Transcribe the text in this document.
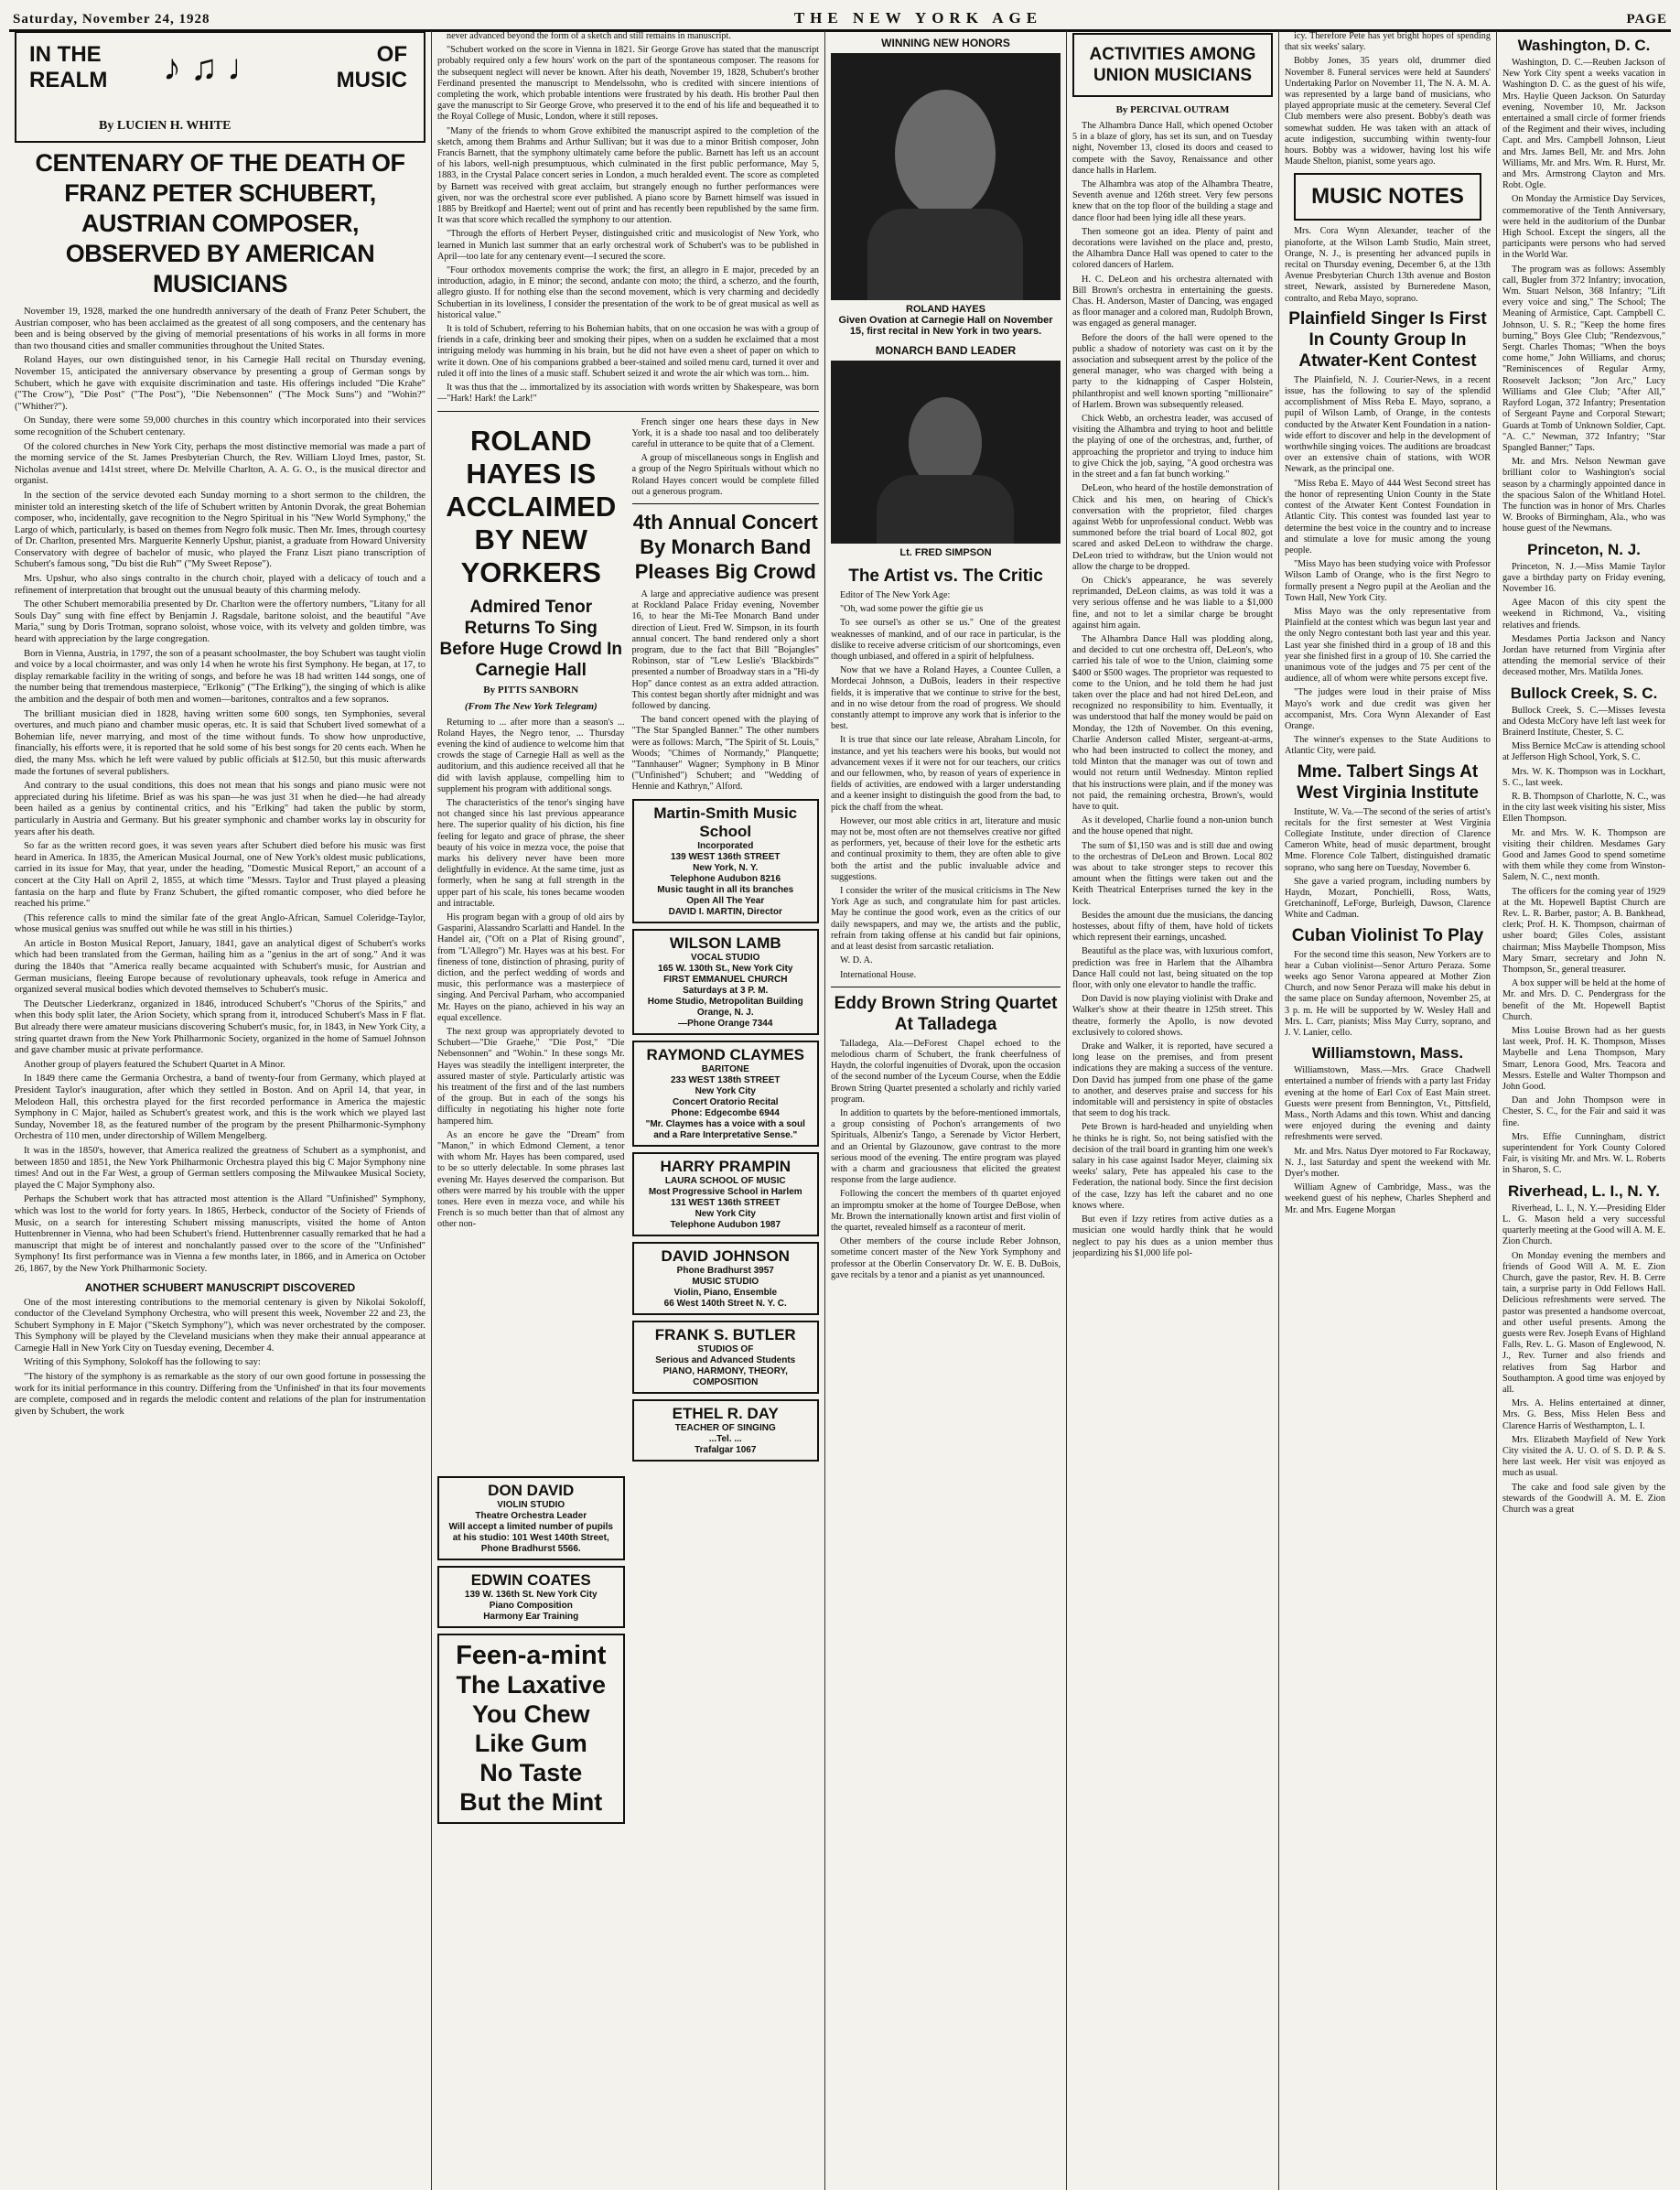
Saturday, November 24, 1928	THE NEW YORK AGE	PAGE
IN THE
REALM ♪ ♫ ♩	OF
MUSIC
By LUCIEN H. WHITE
CENTENARY OF THE DEATH OF FRANZ PETER SCHUBERT, AUSTRIAN COMPOSER, OBSERVED BY AMERICAN MUSICIANS

November 19, 1928, marked the one hundredth anniversary of the death of Franz Peter Schubert, the Austrian composer, who has been acclaimed as the greatest of all song composers, and the centenary has been and is being observed by the giving of memorial presentations of his works in all forms in more than two thousand cities and smaller communities throughout the United States.

Roland Hayes, our own distinguished tenor, in his Carnegie Hall recital on Thursday evening, November 15, anticipated the anniversary observance by presenting a group of German songs by Schubert, which he gave with exquisite discrimination and taste. His offerings included "Die Krahe" ("The Crow"), "Die Post" ("The Post"), "Die Nebensonnen" ("The Mock Suns") and "Wohin?" ("Whither?").

On Sunday, there were some 59,000 churches in this country which incorporated into their services some recognition of the Schubert centenary.

Of the colored churches in New York City, perhaps the most distinctive memorial was made a part of the morning service of the St. James Presbyterian Church, the Rev. William Lloyd Imes, pastor, St. Nicholas avenue and 141st street, where Dr. Melville Charlton, A. A. G. O., is the musical director and organist.

In the section of the service devoted each Sunday morning to a short sermon to the children, the minister told an interesting sketch of the life of Schubert written by Antonin Dvorak, the great Bohemian composer, who, incidentally, gave recognition to the Negro Spiritual in his "New World Symphony," the Largo of which, particularly, is based on themes from Negro folk music. Then Mr. Imes, through courtesy of Dr. Charlton, presented Mrs. Marguerite Kennerly Upshur, pianist, a graduate from Howard University Conservatory with degree of bachelor of music, who played the Franz Liszt piano transcription of Schubert's famous song, "Du bist die Ruh'" ("My Sweet Repose").

Mrs. Upshur, who also sings contralto in the church choir, played with a delicacy of touch and a refinement of interpretation that brought out the unusual beauty of this charming melody.

The other Schubert memorabilia presented by Dr. Charlton were the offertory numbers, "Litany for all Souls Day" sung with fine effect by Benjamin J. Ragsdale, baritone soloist, and the beautiful "Ave Maria," sung by Doris Trotman, soprano soloist, whose voice, with its velvety and golden timbre, was heard with appreciation by the large congregation.

Born in Vienna, Austria, in 1797, the son of a peasant schoolmaster, the boy Schubert was taught violin and voice by a local choirmaster, and was only 14 when he wrote his first Symphony. He began, at 17, to display remarkable facility in the writing of songs, and before he was 18 had written 144 songs, one of the number being that tremendous masterpiece, "Erlkonig" ("The Erlking"), the singing of which is alike the ambition and the despair of both men and women—baritones, contraltos and a few sopranos.

The brilliant musician died in 1828, having written some 600 songs, ten Symphonies, several overtures, and much piano and chamber music operas, etc. It is said that Schubert lived somewhat of a Bohemian life, never marrying, and most of the time without funds. To show how unproductive, financially, his efforts were, it is reported that he sold some of his best songs for 20 cents each. When he died, the many Mss. which he left were valued by public officials at $12.50, but this music afterwards made the fortunes of several publishers.

And contrary to the usual conditions, this does not mean that his songs and piano music were not appreciated during his lifetime. Brief as was his span—he was just 31 when he died—he had already been hailed as a genius by continental critics, and his "Erlking" had taken the public by storm, particularly in Austria and Germany. But his greater symphonic and chamber works lay in obscurity for years after his death.

So far as the written record goes, it was seven years after Schubert died before his music was first heard in America. In 1835, the American Musical Journal, one of New York's oldest music publications, carried in its issue for May, that year, under the heading, "Domestic Musical Report," an account of a concert at the City Hall on April 2, 1855, at which time "Messrs. Taylor and Trust played a pleasing fantasia on the harp and flute by Franz Schubert, the gifted romantic composer, who died before he reached his prime."

(This reference calls to mind the similar fate of the great Anglo-African, Samuel Coleridge-Taylor, whose musical genius was snuffed out while he was still in his thirties.)

An article in Boston Musical Report, January, 1841, gave an analytical digest of Schubert's works which had been translated from the German, hailing him as a "genius in the art of song." And it was during the 1840s that "America really became acquainted with Schubert's music, for Austrian and German musicians, fleeing Europe because of revolutionary upheavals, took refuge in America and organized several musical bodies which devoted themselves to Schubert's music.

The Deutscher Liederkranz, organized in 1846, introduced Schubert's "Chorus of the Spirits," and when this body split later, the Arion Society, which sprang from it, introduced Schubert's Mass in F flat. But already there were amateur musicians discovering Schubert's music, for, in 1843, in New York City, a string quartet drawn from the New York Philharmonic Society, organized in the home of Samuel Johnson and gave chamber music at private performance.

Another group of players featured the Schubert Quartet in A Minor.

In 1849 there came the Germania Orchestra, a band of twenty-four from Germany, which played at President Taylor's inauguration, after which they settled in Boston. And on April 14, that year, in Melodeon Hall, this orchestra played for the first recorded performance in America the majestic Symphony in C Major, hailed as Schubert's greatest work, and this is the work which we played last Sunday, November 18, as the featured number of the program by the present Philharmonic-Symphony Orchestra of 110 men, under directorship of Willem Mengelberg.

It was in the 1850's, however, that America realized the greatness of Schubert as a symphonist, and between 1850 and 1851, the New York Philharmonic Orchestra played this big C Major Symphony nine times! And out in the Far West, a group of German settlers composing the Milwaukee Musical Society, played the C Major Symphony also.

Perhaps the Schubert work that has attracted most attention is the Allard "Unfinished" Symphony, which was lost to the world for forty years. In 1865, Herbeck, conductor of the Society of Friends of Music, on a search for interesting Schubert missing manuscripts, visited the home of Anton Huttenbrenner in Vienna, who had been Schubert's friend. Huttenbrenner casually remarked that he had a manuscript that might be of interest and nonchalantly passed over to the score of the "Unfinished" Symphony! Its first performance was in Vienna a few months later, in 1866, and in America on October 26, 1867, by the New York Philharmonic Society.

ANOTHER SCHUBERT MANUSCRIPT DISCOVERED

One of the most interesting contributions to the memorial centenary is given by Nikolai Sokoloff, conductor of the Cleveland Symphony Orchestra, who will present this week, November 22 and 23, the Schubert Symphony in E Major ("Sketch Symphony"), which was never orchestrated by the composer. This Symphony will be played by the Cleveland musicians when they make their annual appearance at Carnegie Hall in New York City on Tuesday evening, December 4.

Writing of this Symphony, Solokoff has the following to say:

"The history of the symphony is as remarkable as the story of our own good fortune in possessing the work for its initial performance in this country. Differing from the 'Unfinished' in that its four movements are complete, composed and in regards the melodic content and relations of the plan for instrumentation given by Schubert, the work

never advanced beyond the form of a sketch and still remains in manuscript.

"Schubert worked on the score in Vienna in 1821. Sir George Grove has stated that the manuscript probably required only a few hours' work on the part of the spontaneous composer. The reasons for the subsequent neglect will never be known. After his death, November 19, 1828, Schubert's brother Ferdinand presented the manuscript to Mendelssohn, who is credited with sincere intentions of completing the work, which probable intentions were frustrated by his death. His brother Paul then gave the manuscript to Sir George Grove, who preserved it to the end of his life and bequeathed it to the Royal College of Music, London, where it still reposes.

"Many of the friends to whom Grove exhibited the manuscript aspired to the completion of the sketch, among them Brahms and Arthur Sullivan; but it was due to a minor British composer, John Francis Barnett, that the symphony ultimately came before the public. Barnett has left us an account of his labors, well-nigh presumptuous, which culminated in the first public performance, May 5, 1883, in the Crystal Palace concert series in London, a much heralded event. The score as completed by Barnett was received with great acclaim, but strangely enough no further performances were given, nor was the orchestral score ever published. A piano score by Barnett himself was issued in 1885 by Breitkopf and Haertel; went out of print and has recently been republished by the same firm. It was that score which recalled the symphony to our attention.

"Through the efforts of Herbert Peyser, distinguished critic and musicologist of New York, who learned in Munich last summer that an early orchestral work of Schubert's was to be published in April—too late for any centenary event—I secured the score.

"Four orthodox movements comprise the work; the first, an allegro in E major, preceded by an introduction, adagio, in E minor; the second, andante con moto; the third, a scherzo, and the fourth, allegro giusto. If for nothing else than the second movement, which is very charming and decidedly Schubertian in its loveliness, I consider the presentation of the work to be of great musical as well as historical value."

It is told of Schubert, referring to his Bohemian habits, that on one occasion he was with a group of friends in a cafe, drinking beer and smoking their pipes, when on a sudden he exclaimed that a most intriguing melody was humming in his brain, but he did not have even a sheet of paper on which to write it down. One of his companions grabbed a beer-stained and soiled menu card, turned it over and ruled it off into the lines of a music staff. Schubert seized it and wrote the air which was torn... him.

It was thus that the ... immortalized by its association with words written by Shakespeare, was born—"Hark! Hark! the Lark!"

ROLAND HAYES IS ACCLAIMED BY NEW YORKERS
Admired Tenor Returns To Sing Before Huge Crowd In Carnegie Hall
By PITTS SANBORN
(From The New York Telegram)

Returning to ... after more than a season's ... Roland Hayes, the Negro tenor, ... Thursday evening the kind of audience to welcome him that crowds the stage of Carnegie Hall as well as the auditorium, and this audience received all that he did with lavish applause, compelling him to supplement his program with additional songs.

The characteristics of the tenor's singing have not changed since his last previous appearance here. The superior quality of his diction, his fine feeling for legato and grace of phrase, the sheer beauty of his voice in mezza voce, the poise that marks his delivery never have been more delightfully in evidence. At the same time, just as formerly, when he sang at full strength in the upper part of his scale, his tones became wooden and intractable.

His program began with a group of old airs by Gasparini, Alassandro Scarlatti and Handel. In the Handel air, ("Oft on a Plat of Rising ground", from "L'Allegro") Mr. Hayes was at his best. For fineness of tone, distinction of phrasing, purity of diction, and the perfect wedding of words and music, this performance was a masterpiece of singing. And Percival Parham, who accompanied Mr. Hayes on the piano, achieved in his way an equal excellence.

The next group was appropriately devoted to Schubert—"Die Graehe," "Die Post," "Die Nebensonnen" and "Wohin." In these songs Mr. Hayes was steadily the intelligent interpreter, the assured master of style. Particularly artistic was his treatment of the first and of the last numbers of the group. But in each of the songs his difficulty in negotiating his higher note forte hampered him.

As an encore he gave the "Dream" from "Manon," in which Edmond Clement, a tenor with whom Mr. Hayes has been compared, used to be so utterly delectable. In some phrases last evening Mr. Hayes deserved the comparison. But others were marred by his trouble with the upper tones. Here even in mezza voce, and while his French is so much better than that of almost any other non-

French singer one hears these days in New York, it is a shade too nasal and too deliberately careful in utterance to be quite that of a Clement.

A group of miscellaneous songs in English and a group of the Negro Spirituals without which no Roland Hayes concert would be complete filled out a generous program.

4th Annual Concert By Monarch Band Pleases Big Crowd

A large and appreciative audience was present at Rockland Palace Friday evening, November 16, to hear the Mi-Tee Monarch Band under direction of Lieut. Fred W. Simpson, in its fourth annual concert. The band rendered only a short program, due to the fact that Bill "Bojangles" Robinson, star of "Lew Leslie's 'Blackbirds'" presented a number of Broadway stars in a "Hi-dy Hop" dance contest as an extra added attraction. This contest began shortly after midnight and was followed by dancing.

The band concert opened with the playing of "The Star Spangled Banner." The other numbers were as follows: March, "The Spirit of St. Louis," Woods; "Chimes of Normandy," Planquette; "Tannhauser" Wagner; Symphony in B Minor ("Unfinished") Schubert; and "Wedding of Hennie and Kathryn," Alford.

Martin-Smith Music School
Incorporated
139 WEST 136th STREET
New York, N. Y.
Telephone Audubon 8216
Music taught in all its branches
Open All The Year
DAVID I. MARTIN, Director
WILSON LAMB
VOCAL STUDIO
165 W. 130th St., New York City
FIRST EMMANUEL CHURCH
Saturdays at 3 P. M.
Home Studio, Metropolitan Building
Orange, N. J.
—Phone Orange 7344
RAYMOND CLAYMES
BARITONE
233 WEST 138th STREET
New York City
Concert Oratorio Recital
Phone: Edgecombe 6944
"Mr. Claymes has a voice with a soul and a Rare Interpretative Sense."
HARRY PRAMPIN
LAURA SCHOOL OF MUSIC
Most Progressive School in Harlem
131 WEST 136th STREET
New York City
Telephone Audubon 1987
DAVID JOHNSON
Phone Bradhurst 3957
MUSIC STUDIO
Violin, Piano, Ensemble
66 West 140th Street N. Y. C.
FRANK S. BUTLER
STUDIOS OF
Serious and Advanced Students
PIANO, HARMONY, THEORY, COMPOSITION
ETHEL R. DAY
TEACHER OF SINGING
...Tel. ...
Trafalgar 1067
DON DAVID
VIOLIN STUDIO
Theatre Orchestra Leader
Will accept a limited number of pupils at his studio: 101 West 140th Street, Phone Bradhurst 5566.
EDWIN COATES
139 W. 136th St. New York City
Piano Composition
Harmony Ear Training
Feen-a-mint
The Laxative
You Chew
Like Gum
No Taste
But the Mint
WINNING NEW HONORS
ROLAND HAYES
Given Ovation at Carnegie Hall on November 15, first recital in New York in two years.
MONARCH BAND LEADER
Lt. FRED SIMPSON
The Artist vs. The Critic

Editor of The New York Age:

"Oh, wad some power the giftie gie us

To see oursel's as other se us." One of the greatest weaknesses of mankind, and of our race in particular, is the dislike to receive adverse criticism of our shortcomings, even though unbiased, and offered in a spirit of helpfulness.

Now that we have a Roland Hayes, a Countee Cullen, a Mordecai Johnson, a DuBois, leaders in their respective fields, it is imperative that we continue to strive for the best, and in no wise detour from the road of progress. We should constantly attempt to improve any work that is inferior to the best.

It is true that since our late release, Abraham Lincoln, for instance, and yet his teachers were his books, but would not advancement vexes if it were not for our teachers, our critics and our fellowmen, who, by reason of years of experience in fields of activities, are endowed with a larger understanding and a keener insight to distinguish the good from the bad, to pick the chaff from the wheat.

However, our most able critics in art, literature and music may not be, most often are not themselves creative nor gifted as performers, yet, because of their love for the esthetic arts and continual proximity to them, they are often able to give both the artist and the public invaluable advice and suggestions.

I consider the writer of the musical criticisms in The New York Age as such, and congratulate him for past articles. May he continue the good work, even as the critics of our daily newspapers, and may we, the artists and the public, refrain from taking offense at his candid but fair opinions, and at least desist from sarcastic retaliation.

W. D. A.

International House.

Eddy Brown String Quartet At Talladega

Talladega, Ala.—DeForest Chapel echoed to the melodious charm of Schubert, the frank cheerfulness of Haydn, the colorful ingenuities of Dvorak, upon the occasion of the second number of the Lyceum Course, when the Eddie Brown String Quartet presented a scholarly and richly varied program.

In addition to quartets by the before-mentioned immortals, a group consisting of Pochon's arrangements of two Spirituals, Albeniz's Tango, a Serenade by Victor Herbert, and an Oriental by Glazounow, gave contrast to the more serious mood of the evening. The entire program was played with a charm and graciousness that elicited the greatest response from the large audience.

Following the concert the members of th quartet enjoyed an impromptu smoker at the home of Tourgee DeBose, when Mr. Brown the internationally known artist and first violin of the quartet, revealed himself as a raconteur of merit.

Other members of the course include Reber Johnson, sometime concert master of the New York Symphony and professor at the Oberlin Conservatory Dr. W. E. B. DuBois, gave recitals by a tenor and a pianist as yet unannounced.

ACTIVITIES AMONG UNION MUSICIANS
By PERCIVAL OUTRAM

The Alhambra Dance Hall, which opened October 5 in a blaze of glory, has set its sun, and on Tuesday night, November 13, closed its doors and ceased to compete with the Savoy, Renaissance and other dance halls in Harlem.

The Alhambra was atop of the Alhambra Theatre, Seventh avenue and 126th street. Very few persons knew that on the top floor of the building a stage and dance floor had been lying idle all these years.

Then someone got an idea. Plenty of paint and decorations were lavished on the place and, presto, the Alhambra Dance Hall was opened to cater to the colored dancers of Harlem.

H. C. DeLeon and his orchestra alternated with Bill Brown's orchestra in entertaining the guests. Chas. H. Anderson, Master of Dancing, was engaged as floor manager and a colored man, Rudolph Brown, was engaged as general manager.

Before the doors of the hall were opened to the public a shadow of notoriety was cast on it by the association and subsequent arrest by the police of the general manager, who was charged with being a party to the kidnapping of Casper Holstein, philanthropist and well known sporting "millionaire" of Harlem. Brown was subsequently released.

Chick Webb, an orchestra leader, was accused of visiting the Alhambra and trying to hoot and belittle the playing of one of the orchestras, and, further, of approaching the proprietor and trying to induce him to give Chick the job, saying, "A good orchestra was in the street and a fan fat bunch working."

DeLeon, who heard of the hostile demonstration of Chick and his men, on hearing of Chick's conversation with the proprietor, filed charges against Webb for unprofessional conduct. Webb was summoned before the trial board of Local 802, got scared and asked DeLeon to withdraw the charge. DeLeon tried to withdraw, but the Union would not allow the charge to be dropped.

On Chick's appearance, he was severely reprimanded, DeLeon claims, as was told it was a very serious offense and he was liable to a $1,000 fine, and not to let a similar charge be brought against him again.

The Alhambra Dance Hall was plodding along, and decided to cut one orchestra off, DeLeon's, who carried his tale of woe to the Union, claiming some $400 or $500 wages. The proprietor was requested to come to the Union, and he told them he had just taken over the place and had not hired DeLeon, and recognized no responsibility to him. Eventually, it was understood that half the money would be paid on Monday, the 12th of November. On this evening, Charlie Anderson called Mister, sergeant-at-arms, who had been instructed to collect the money, and told Minton that the manager was out of town and would not return until Wednesday. Minton replied that his instructions were plain, and if the money was not paid, the remaining orchestra, Brown's, would have to quit.

As it developed, Charlie found a non-union bunch and the house opened that night.

The sum of $1,150 was and is still due and owing to the orchestras of DeLeon and Brown. Local 802 was about to take stronger steps to recover this amount when the fittings were taken out and the Keith Theatrical Enterprises turned the key in the lock.

Besides the amount due the musicians, the dancing hostesses, about fifty of them, have hold of tickets which represent their earnings, uncashed.

Beautiful as the place was, with luxurious comfort, prediction was free in Harlem that the Alhambra Dance Hall could not last, being situated on the top floor, with only one elevator to handle the traffic.

Don David is now playing violinist with Drake and Walker's show at their theatre in 125th street. This theatre, formerly the Apollo, is now devoted exclusively to colored shows.

Drake and Walker, it is reported, have secured a long lease on the premises, and from present indications they are making a success of the venture. Don David has jumped from one phase of the game to another, and deserves praise and success for his indomitable will and persistency in spite of obstacles that seem to dog his track.

Pete Brown is hard-headed and unyielding when he thinks he is right. So, not being satisfied with the decision of the trail board in granting him one week's salary in his case against Isador Meyer, claiming six weeks' salary, Pete has appealed his case to the Federation, the national body. Since the first decision of the case, Izzy has left the cabaret and no one knows where.

But even if Izzy retires from active duties as a musician one would hardly think that he would neglect to pay his dues as a union member thus jeopardizing his $1,000 life pol-

icy. Therefore Pete has yet bright hopes of spending that six weeks' salary.

Bobby Jones, 35 years old, drummer died November 8. Funeral services were held at Saunders' Undertaking Parlor on November 11, The N. A. M. A. was represented by a large band of musicians, who played appropriate music at the cemetery. Several Clef Club members were also present. Bobby's death was somewhat sudden. He was taken with an attack of acute indigestion, succumbing within twenty-four hours. Bobby was a widower, having lost his wife Maude Shelton, pianist, some years ago.

MUSIC NOTES

Mrs. Cora Wynn Alexander, teacher of the pianoforte, at the Wilson Lamb Studio, Main street, Orange, N. J., is presenting her advanced pupils in recital on Thursday evening, December 6, at the 13th Avenue Presbyterian Church 13th avenue and Boston street, Newark, assisted by Burneredene Mason, contralto, and Reba Mayo, soprano.

Plainfield Singer Is First In County Group In Atwater-Kent Contest

The Plainfield, N. J. Courier-News, in a recent issue, has the following to say of the splendid accomplishment of Miss Reba E. Mayo, soprano, a pupil of Wilson Lamb, of Orange, in the contests conducted by the Atwater Kent Foundation in a nation-wide effort to discover and help in the development of worthwhile singing voices. The auditions are broadcast over an extensive chain of stations, with WOR Newark, as the principal one.

"Miss Reba E. Mayo of 444 West Second street has the honor of representing Union County in the State contest of the Atwater Kent Contest Foundation in Atlantic City. This contest was founded last year to determine the best voice in the country and to increase and stimulate a love for music among the young people.

"Miss Mayo has been studying voice with Professor Wilson Lamb of Orange, who is the first Negro to formally present a Negro pupil at the Aeolian and the Town Hall, New York City.

Miss Mayo was the only representative from Plainfield at the contest which was begun last year and the only Negro contestant both last year and this year. Last year she finished third in a group of 18 and this year she finished first in a group of 10. She carried the unanimous vote of the judges and 75 per cent of the audience, all of whom were white persons except five.

"The judges were loud in their praise of Miss Mayo's work and due credit was given her accompanist, Mrs. Cora Wynn Alexander of East Orange.

The winner's expenses to the State Auditions to Atlantic City, were paid.

Mme. Talbert Sings At West Virginia Institute

Institute, W. Va.—The second of the series of artist's recitals for the first semester at West Virginia Collegiate Institute, under direction of Clarence Cameron White, head of music department, brought Mme. Florence Cole Talbert, distinguished dramatic soprano, who sang here on Tuesday, November 6.

She gave a varied program, including numbers by Haydn, Mozart, Ponchielli, Ross, Watts, Gretchaninoff, LeForge, Burleigh, Dawson, Clarence White and Cadman.

Cuban Violinist To Play

For the second time this season, New Yorkers are to hear a Cuban violinist—Senor Arturo Peraza. Some weeks ago Senor Varona appeared at Mother Zion Church, and now Senor Peraza will make his debut in the same place on Sunday afternoon, November 25, at 3 p. m. He will be supported by W. Wesley Hall and Mrs. L. Carr, pianists; Miss May Curry, soprano, and J. V. Lanier, cello.

Williamstown, Mass.

Williamstown, Mass.—Mrs. Grace Chadwell entertained a number of friends with a party last Friday evening at the home of Earl Cox of East Main street. Guests were present from Bennington, Vt., Pittsfield, Mass., North Adams and this town. Whist and dancing were enjoyed during the evening and dainty refreshments were served.

Mr. and Mrs. Natus Dyer motored to Far Rockaway, N. J., last Saturday and spent the weekend with Mr. Dyer's mother.

William Agnew of Cambridge, Mass., was the weekend guest of his nephew, Charles Shepherd and Mr. and Mrs. Eugene Morgan

Washington, D. C.

Washington, D. C.—Reuben Jackson of New York City spent a weeks vacation in Washington D. C. as the guest of his wife, Mrs. Haylie Queen Jackson. On Saturday evening, November 10, Mr. Jackson entertained a small circle of former friends of the Regiment and their wives, including Capt. and Mrs. Campbell Johnson, Lieut and Mrs. James Bell, Mr. and Mrs. John Williams, Mr. and Mrs. Wm. R. Hurst, Mr. and Mrs. Armstrong Clayton and Mrs. Robt. Ogle.

On Monday the Armistice Day Services, commemorative of the Tenth Anniversary, were held in the auditorium of the Dunbar High School. Except the singers, all the participants were persons who had served in the World War.

The program was as follows: Assembly call, Bugler from 372 Infantry; invocation, Wm. Stuart Nelson, 368 Infantry; "Lift every voice and sing," The School; The Meaning of Armistice, Capt. Campbell C. Johnson, U. S. R.; "Keep the home fires burning," Boys Glee Club; "Rendezvous," Sergt. Charles Thomas; "When the boys come home," John Williams, and chorus; "Reminiscences of Regular Army, Roosevelt Jackson; "Jon Arc," Lucy Williams and Glee Club; "After All," Rayford Logan, 372 Infantry; Presentation of Sergeant Payne and Corporal Stewart; Guards at Tomb of Unknown Soldier, Capt. "A. C." Newman, 372 Infantry; "Star Spangled Banner;" Taps.

Mr. and Mrs. Nelson Newman gave brilliant color to Washington's social season by a charmingly appointed dance in the spacious Salon of the Whitland Hotel. The function was in honor of Mrs. Charles W. Brooks of Birmingham, Ala., who was house guest of the Newmans.

Princeton, N. J.

Princeton, N. J.—Miss Mamie Taylor gave a birthday party on Friday evening, November 16.

Agee Macon of this city spent the weekend in Richmond, Va., visiting relatives and friends.

Mesdames Portia Jackson and Nancy Jordan have returned from Virginia after attending the memorial service of their deceased mother, Mrs. Matilda Jones.

Bullock Creek, S. C.

Bullock Creek, S. C.—Misses Ievesta and Odesta McCory have left last week for Brainerd Institute, Chester, S. C.

Miss Bernice McCaw is attending school at Jefferson High School, York, S. C.

Mrs. W. K. Thompson was in Lockhart, S. C., last week.

R. B. Thompson of Charlotte, N. C., was in the city last week visiting his sister, Miss Ellen Thompson.

Mr. and Mrs. W. K. Thompson are visiting their children. Mesdames Gary Good and James Good to spend sometime with them while they come from Winston-Salem, N. C., next month.

The officers for the coming year of 1929 at the Mt. Hopewell Baptist Church are Rev. L. R. Barber, pastor; A. B. Bankhead, clerk; Prof. H. K. Thompson, chairman of usher board; Giles Coles, assistant chairman; Miss Maybelle Thompson, Miss Mary Smarr, secretary and John N. Thompson, Sr., general treasurer.

A box supper will be held at the home of Mr. and Mrs. D. C. Pendergrass for the benefit of the Mt. Hopewell Baptist Church.

Miss Louise Brown had as her guests last week, Prof. H. K. Thompson, Misses Maybelle and Lena Thompson, Mary Smarr, Lenora Good, Mrs. Teacora and Messrs. Estelle and Walter Thompson and John Good.

Dan and John Thompson were in Chester, S. C., for the Fair and said it was fine.

Mrs. Effie Cunningham, district superintendent for York County Colored Fair, is visiting Mr. and Mrs. W. L. Roberts in Sharon, S. C.

Riverhead, L. I., N. Y.

Riverhead, L. I., N. Y.—Presiding Elder L. G. Mason held a very successful quarterly meeting at the Good will A. M. E. Zion Church.

On Monday evening the members and friends of Good Will A. M. E. Zion Church, gave the pastor, Rev. H. B. Cerre tain, a surprise party in Odd Fellows Hall. Delicious refreshments were served. The pastor was presented a handsome overcoat, and other useful presents. Among the guests were Rev. Joseph Evans of Highland Falls, Rev. L. G. Mason of Englewood, N. J., Rev. Turner and also friends and relatives from Sag Harbor and Southampton. A good time was enjoyed by all.

Mrs. A. Helins entertained at dinner, Mrs. G. Bess, Miss Helen Bess and Clarence Harris of Westhampton, L. I.

Mrs. Elizabeth Mayfield of New York City visited the A. U. O. of S. D. P. & S. here last week. Her visit was enjoyed as much as usual.

The cake and food sale given by the stewards of the Goodwill A. M. E. Zion Church was a great
